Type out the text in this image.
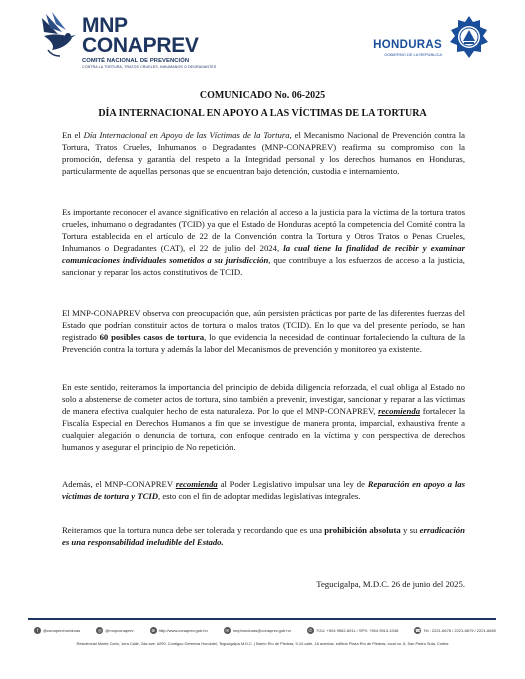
MNP CONAPREV
COMITÉ NACIONAL DE PREVENCIÓN
CONTRA LA TORTURA, TRATOS CRUELES, INHUMANOS O DEGRADANTES
HONDURAS
GOBIERNO DE LA REPÚBLICA
COMUNICADO No. 06-2025
DÍA INTERNACIONAL EN APOYO A LAS VÍCTIMAS DE LA TORTURA
En el Día Internacional en Apoyo de las Víctimas de la Tortura, el Mecanismo Nacional de Prevención contra la Tortura, Tratos Crueles, Inhumanos o Degradantes (MNP-CONAPREV) reafirma su compromiso con la promoción, defensa y garantía del respeto a la Integridad personal y los derechos humanos en Honduras, particularmente de aquellas personas que se encuentran bajo detención, custodia e internamiento.
Es importante reconocer el avance significativo en relación al acceso a la justicia para la víctima de la tortura tratos crueles, inhumano o degradantes (TCID) ya que el Estado de Honduras aceptó la competencia del Comité contra la Tortura establecida en el artículo de 22 de la Convención contra la Tortura y Otros Tratos o Penas Crueles, Inhumanos o Degradantes (CAT), el 22 de julio del 2024, la cual tiene la finalidad de recibir y examinar comunicaciones individuales sometidos a su jurisdicción, que contribuye a los esfuerzos de acceso a la justicia, sancionar y reparar los actos constitutivos de TCID.
El MNP-CONAPREV observa con preocupación que, aún persisten prácticas por parte de las diferentes fuerzas del Estado que podrían constituir actos de tortura o malos tratos (TCID). En lo que va del presente período, se han registrado 60 posibles casos de tortura, lo que evidencia la necesidad de continuar fortaleciendo la cultura de la Prevención contra la tortura y además la labor del Mecanismos de prevención y monitoreo ya existente.
En este sentido, reiteramos la importancia del principio de debida diligencia reforzada, el cual obliga al Estado no solo a abstenerse de cometer actos de tortura, sino también a prevenir, investigar, sancionar y reparar a las víctimas de manera efectiva cualquier hecho de esta naturaleza. Por lo que el MNP-CONAPREV, recomienda fortalecer la Fiscalía Especial en Derechos Humanos a fin que se investigue de manera pronta, imparcial, exhaustiva frente a cualquier alegación o denuncia de tortura, con enfoque centrado en la víctima y con perspectiva de derechos humanos y asegurar el principio de No repetición.
Además, el MNP-CONAPREV recomienda al Poder Legislativo impulsar una ley de Reparación en apoyo a las víctimas de tortura y TCID, esto con el fin de adoptar medidas legislativas integrales.
Reiteramos que la tortura nunca debe ser tolerada y recordando que es una prohibición absoluta y su erradicación es una responsabilidad ineludible del Estado.
Tegucigalpa, M.D.C. 26 de junio del 2025.
f	@conaprevhonduras	◎ @mnpconaprev	⊕ http://www.conaprev.gob.hn	✉ mnphonduras@conaprev.gob.hn	✆ TGU: +504 9562-6011 / SPS: +504 9513-1048	☎ Tel.: 2221-6678 / 2221-6679 / 2221-6680
Residencial Monte Carlo, 1era Calle, 2da ave. #290, Contiguo Gerencia Hondutel, Tegucigalpa M.D.C. | Barrio Río de Piedras, 9-10 calle, 18 avenida, edificio Plaza Río de Piedras, local no. 6, San Pedro Sula, Cortes.
